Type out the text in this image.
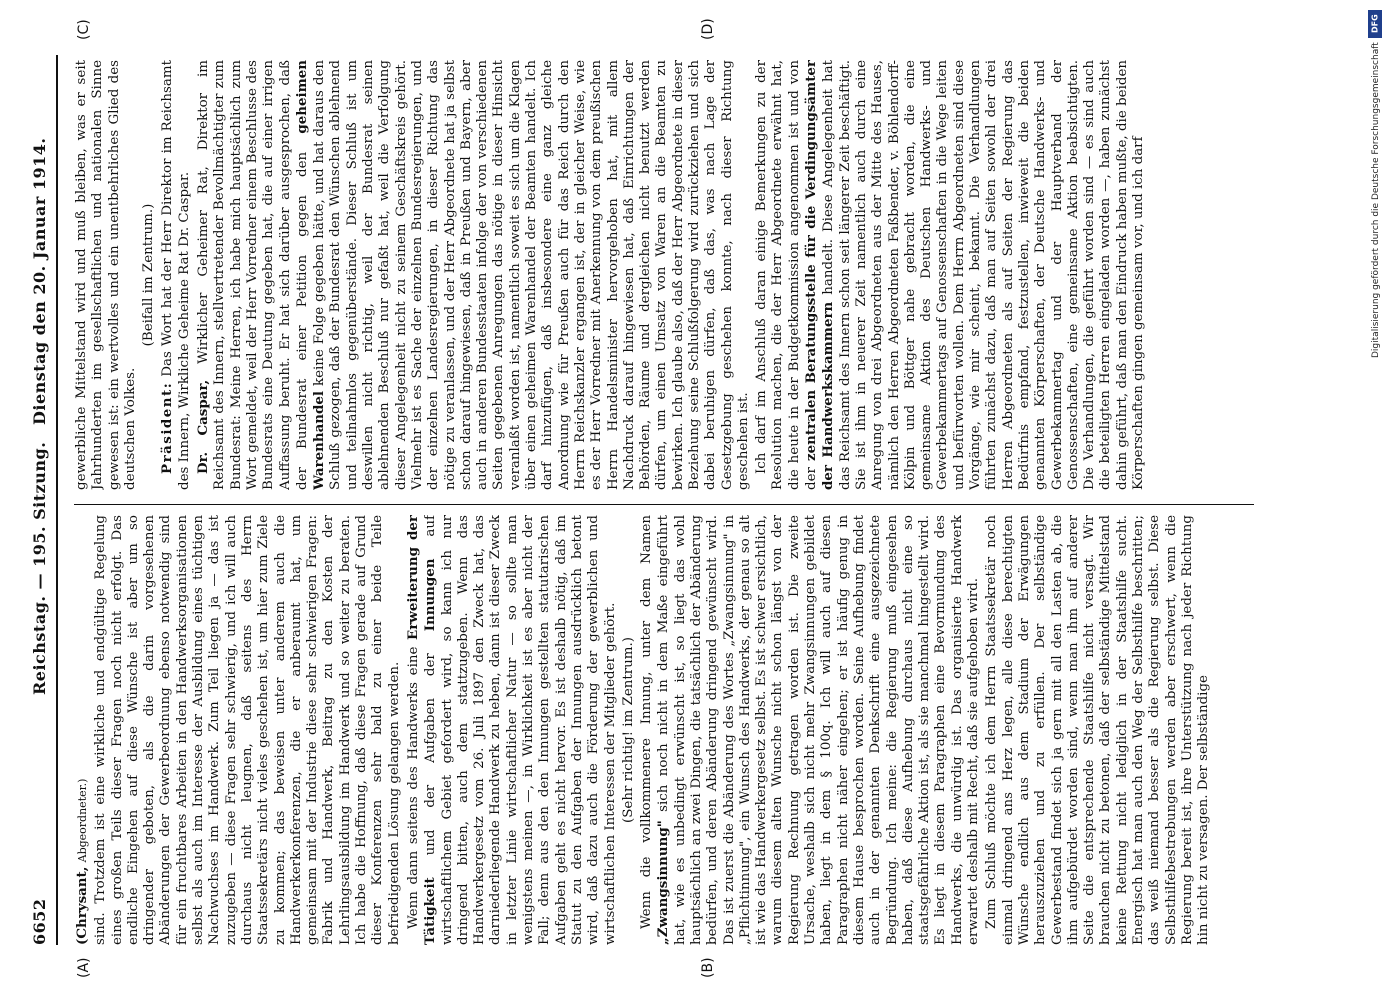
6652
Reichstag. — 195. Sitzung.
Dienstag den 20. Januar 1914.
(A)	(B)
(C)	(D)

(Chrysant, Abgeordneter.) sind. Trotzdem ist eine wirkliche und endgültige Regelung eines großen Teils dieser Fragen noch nicht erfolgt. Das endliche Eingehen auf diese Wünsche ist aber um so dringender geboten, als die darin vorgesehenen Abänderungen der Gewerbeordnung ebenso notwendig sind für ein fruchtbares Arbeiten in den Handwerksorganisationen selbst als auch im Interesse der Ausbildung eines tüchtigen Nachwuchses im Handwerk. Zum Teil liegen ja — das ist zuzugeben — diese Fragen sehr schwierig, und ich will auch durchaus nicht leugnen, daß seitens des Herrn Staatssekretärs nicht vieles geschehen ist, um hier zum Ziele zu kommen; das beweisen unter anderem auch die Handwerkerkonferenzen, die er anberaumt hat, um gemeinsam mit der Industrie diese sehr schwierigen Fragen: Fabrik und Handwerk, Beitrag zu den Kosten der Lehrlingsausbildung im Handwerk und so weiter zu beraten. Ich habe die Hoffnung, daß diese Fragen gerade auf Grund dieser Konferenzen sehr bald zu einer beide Teile befriedigenden Lösung gelangen werden. Wenn dann seitens des Handwerks eine Erweiterung der Tätigkeit und der Aufgaben der Innungen auf wirtschaftlichem Gebiet gefordert wird, so kann ich nur dringend bitten, auch dem stattzugeben. Wenn das Handwerkergesetz vom 26. Juli 1897 den Zweck hat, das darniederliegende Handwerk zu heben, dann ist dieser Zweck in letzter Linie wirtschaftlicher Natur — so sollte man wenigstens meinen —, in Wirklichkeit ist es aber nicht der Fall; denn aus den den Innungen gestellten statutarischen Aufgaben geht es nicht hervor. Es ist deshalb nötig, daß im Statut zu den Aufgaben der Innungen ausdrücklich betont wird, daß dazu auch die Förderung der gewerblichen und wirtschaftlichen Interessen der Mitglieder gehört. (Sehr richtig! im Zentrum.) Wenn die vollkommenere Innung, unter dem Namen „Zwangsinnung" sich noch nicht in dem Maße eingeführt hat, wie es unbedingt erwünscht ist, so liegt das wohl hauptsächlich an zwei Dingen, die tatsächlich der Abänderung bedürfen, und deren Abänderung dringend gewünscht wird. Das ist zuerst die Abänderung des Wortes „Zwangsinnung" in „Pflichtinnung", ein Wunsch des Handwerks, der genau so alt ist wie das Handwerkergesetz selbst. Es ist schwer ersichtlich, warum diesem alten Wunsche nicht schon längst von der Regierung Rechnung getragen worden ist. Die zweite Ursache, weshalb sich nicht mehr Zwangsinnungen gebildet haben, liegt in dem § 100q. Ich will auch auf diesen Paragraphen nicht näher eingehen; er ist häufig genug in diesem Hause besprochen worden. Seine Aufhebung findet auch in der genannten Denkschrift eine ausgezeichnete Begründung. Ich meine: die Regierung muß eingesehen haben, daß diese Aufhebung durchaus nicht eine so staatsgefährliche Aktion ist, als sie manchmal hingestellt wird. Es liegt in diesem Paragraphen eine Bevormundung des Handwerks, die unwürdig ist. Das organisierte Handwerk erwartet deshalb mit Recht, daß sie aufgehoben wird. Zum Schluß möchte ich dem Herrn Staatssekretär noch einmal dringend ans Herz legen, alle diese berechtigten Wünsche endlich aus dem Stadium der Erwägungen herauszuziehen und zu erfüllen. Der selbständige Gewerbestand findet sich ja gern mit all den Lasten ab, die ihm aufgebürdet worden sind, wenn man ihm auf anderer Seite die entsprechende Staatshilfe nicht versagt. Wir brauchen nicht zu betonen, daß der selbständige Mittelstand keine Rettung nicht lediglich in der Staatshilfe sucht. Energisch hat man auch den Weg der Selbsthilfe beschritten; das weiß niemand besser als die Regierung selbst. Diese Selbsthilfebestrebungen werden aber erschwert, wenn die Regierung bereit ist, ihre Unterstützung nach jeder Richtung hin nicht zu versagen. Der selbständige

gewerbliche Mittelstand wird und muß bleiben, was er seit Jahrhunderten im gesellschaftlichen und nationalen Sinne gewesen ist: ein wertvolles und ein unentbehrliches Glied des deutschen Volkes.

(Beifall im Zentrum.)

Präsident: Das Wort hat der Herr Direktor im Reichsamt des Innern, Wirkliche Geheime Rat Dr. Caspar. Dr. Caspar, Wirklicher Geheimer Rat, Direktor im Reichsamt des Innern, stellvertretender Bevollmächtigter zum Bundesrat: Meine Herren, ich habe mich hauptsächlich zum Wort gemeldet, weil der Herr Vorredner einem Beschlusse des Bundesrats eine Deutung gegeben hat, die auf einer irrigen Auffassung beruht. Er hat sich darüber ausgesprochen, daß der Bundesrat einer Petition gegen den geheimen Warenhandel keine Folge gegeben hätte, und hat daraus den Schluß gezogen, daß der Bundesrat den Wünschen ablehnend und teilnahmlos gegenüberstände. Dieser Schluß ist um deswillen nicht richtig, weil der Bundesrat seinen ablehnenden Beschluß nur gefaßt hat, weil die Verfolgung dieser Angelegenheit nicht zu seinem Geschäftskreis gehört. Vielmehr ist es Sache der einzelnen Bundesregierungen, und der einzelnen Landesregierungen, in dieser Richtung das nötige zu veranlassen, und der Herr Abgeordnete hat ja selbst schon darauf hingewiesen, daß in Preußen und Bayern, aber auch in anderen Bundesstaaten infolge der von verschiedenen Seiten gegebenen Anregungen das nötige in dieser Hinsicht veranlaßt worden ist, namentlich soweit es sich um die Klagen über einen geheimen Warenhandel der Beamten handelt. Ich darf hinzufügen, daß insbesondere eine ganz gleiche Anordnung wie für Preußen auch für das Reich durch den Herrn Reichskanzler ergangen ist, der in gleicher Weise, wie es der Herr Vorredner mit Anerkennung von dem preußischen Herrn Handelsminister hervorgehoben hat, mit allem Nachdruck darauf hingewiesen hat, daß Einrichtungen der Behörden, Räume und dergleichen nicht benutzt werden dürfen, um einen Umsatz von Waren an die Beamten zu bewirken. Ich glaube also, daß der Herr Abgeordnete in dieser Beziehung seine Schlußfolgerung wird zurückziehen und sich dabei beruhigen dürfen, daß das, was nach Lage der Gesetzgebung geschehen konnte, nach dieser Richtung geschehen ist. Ich darf im Anschluß daran einige Bemerkungen zu der Resolution machen, die der Herr Abgeordnete erwähnt hat, die heute in der Budgetkommission angenommen ist und von der zentralen Beratungsstelle für die Verdingungsämter der Handwerkskammern handelt. Diese Angelegenheit hat das Reichsamt des Innern schon seit längerer Zeit beschäftigt. Sie ist ihm in neuerer Zeit namentlich auch durch eine Anregung von drei Abgeordneten aus der Mitte des Hauses, nämlich den Herren Abgeordneten Faßbender, v. Böhlendorff-Kölpin und Böttger nahe gebracht worden, die eine gemeinsame Aktion des Deutschen Handwerks- und Gewerbekammertags auf Genossenschaften in die Wege leiten und befürworten wollen. Dem Herrn Abgeordneten sind diese Vorgänge, wie mir scheint, bekannt. Die Verhandlungen führten zunächst dazu, daß man auf Seiten sowohl der drei Herren Abgeordneten als auf Seiten der Regierung das Bedürfnis empfand, festzustellen, inwieweit die beiden genannten Körperschaften, der Deutsche Handwerks- und Gewerbekammertag und der Hauptverband der Genossenschaften, eine gemeinsame Aktion beabsichtigten. Die Verhandlungen, die geführt worden sind — es sind auch die beteiligten Herren eingeladen worden —, haben zunächst dahin geführt, daß man den Eindruck haben mußte, die beiden Körperschaften gingen gemeinsam vor, und ich darf

DFG
Digitalisierung gefördert durch die Deutsche Forschungsgemeinschaft
